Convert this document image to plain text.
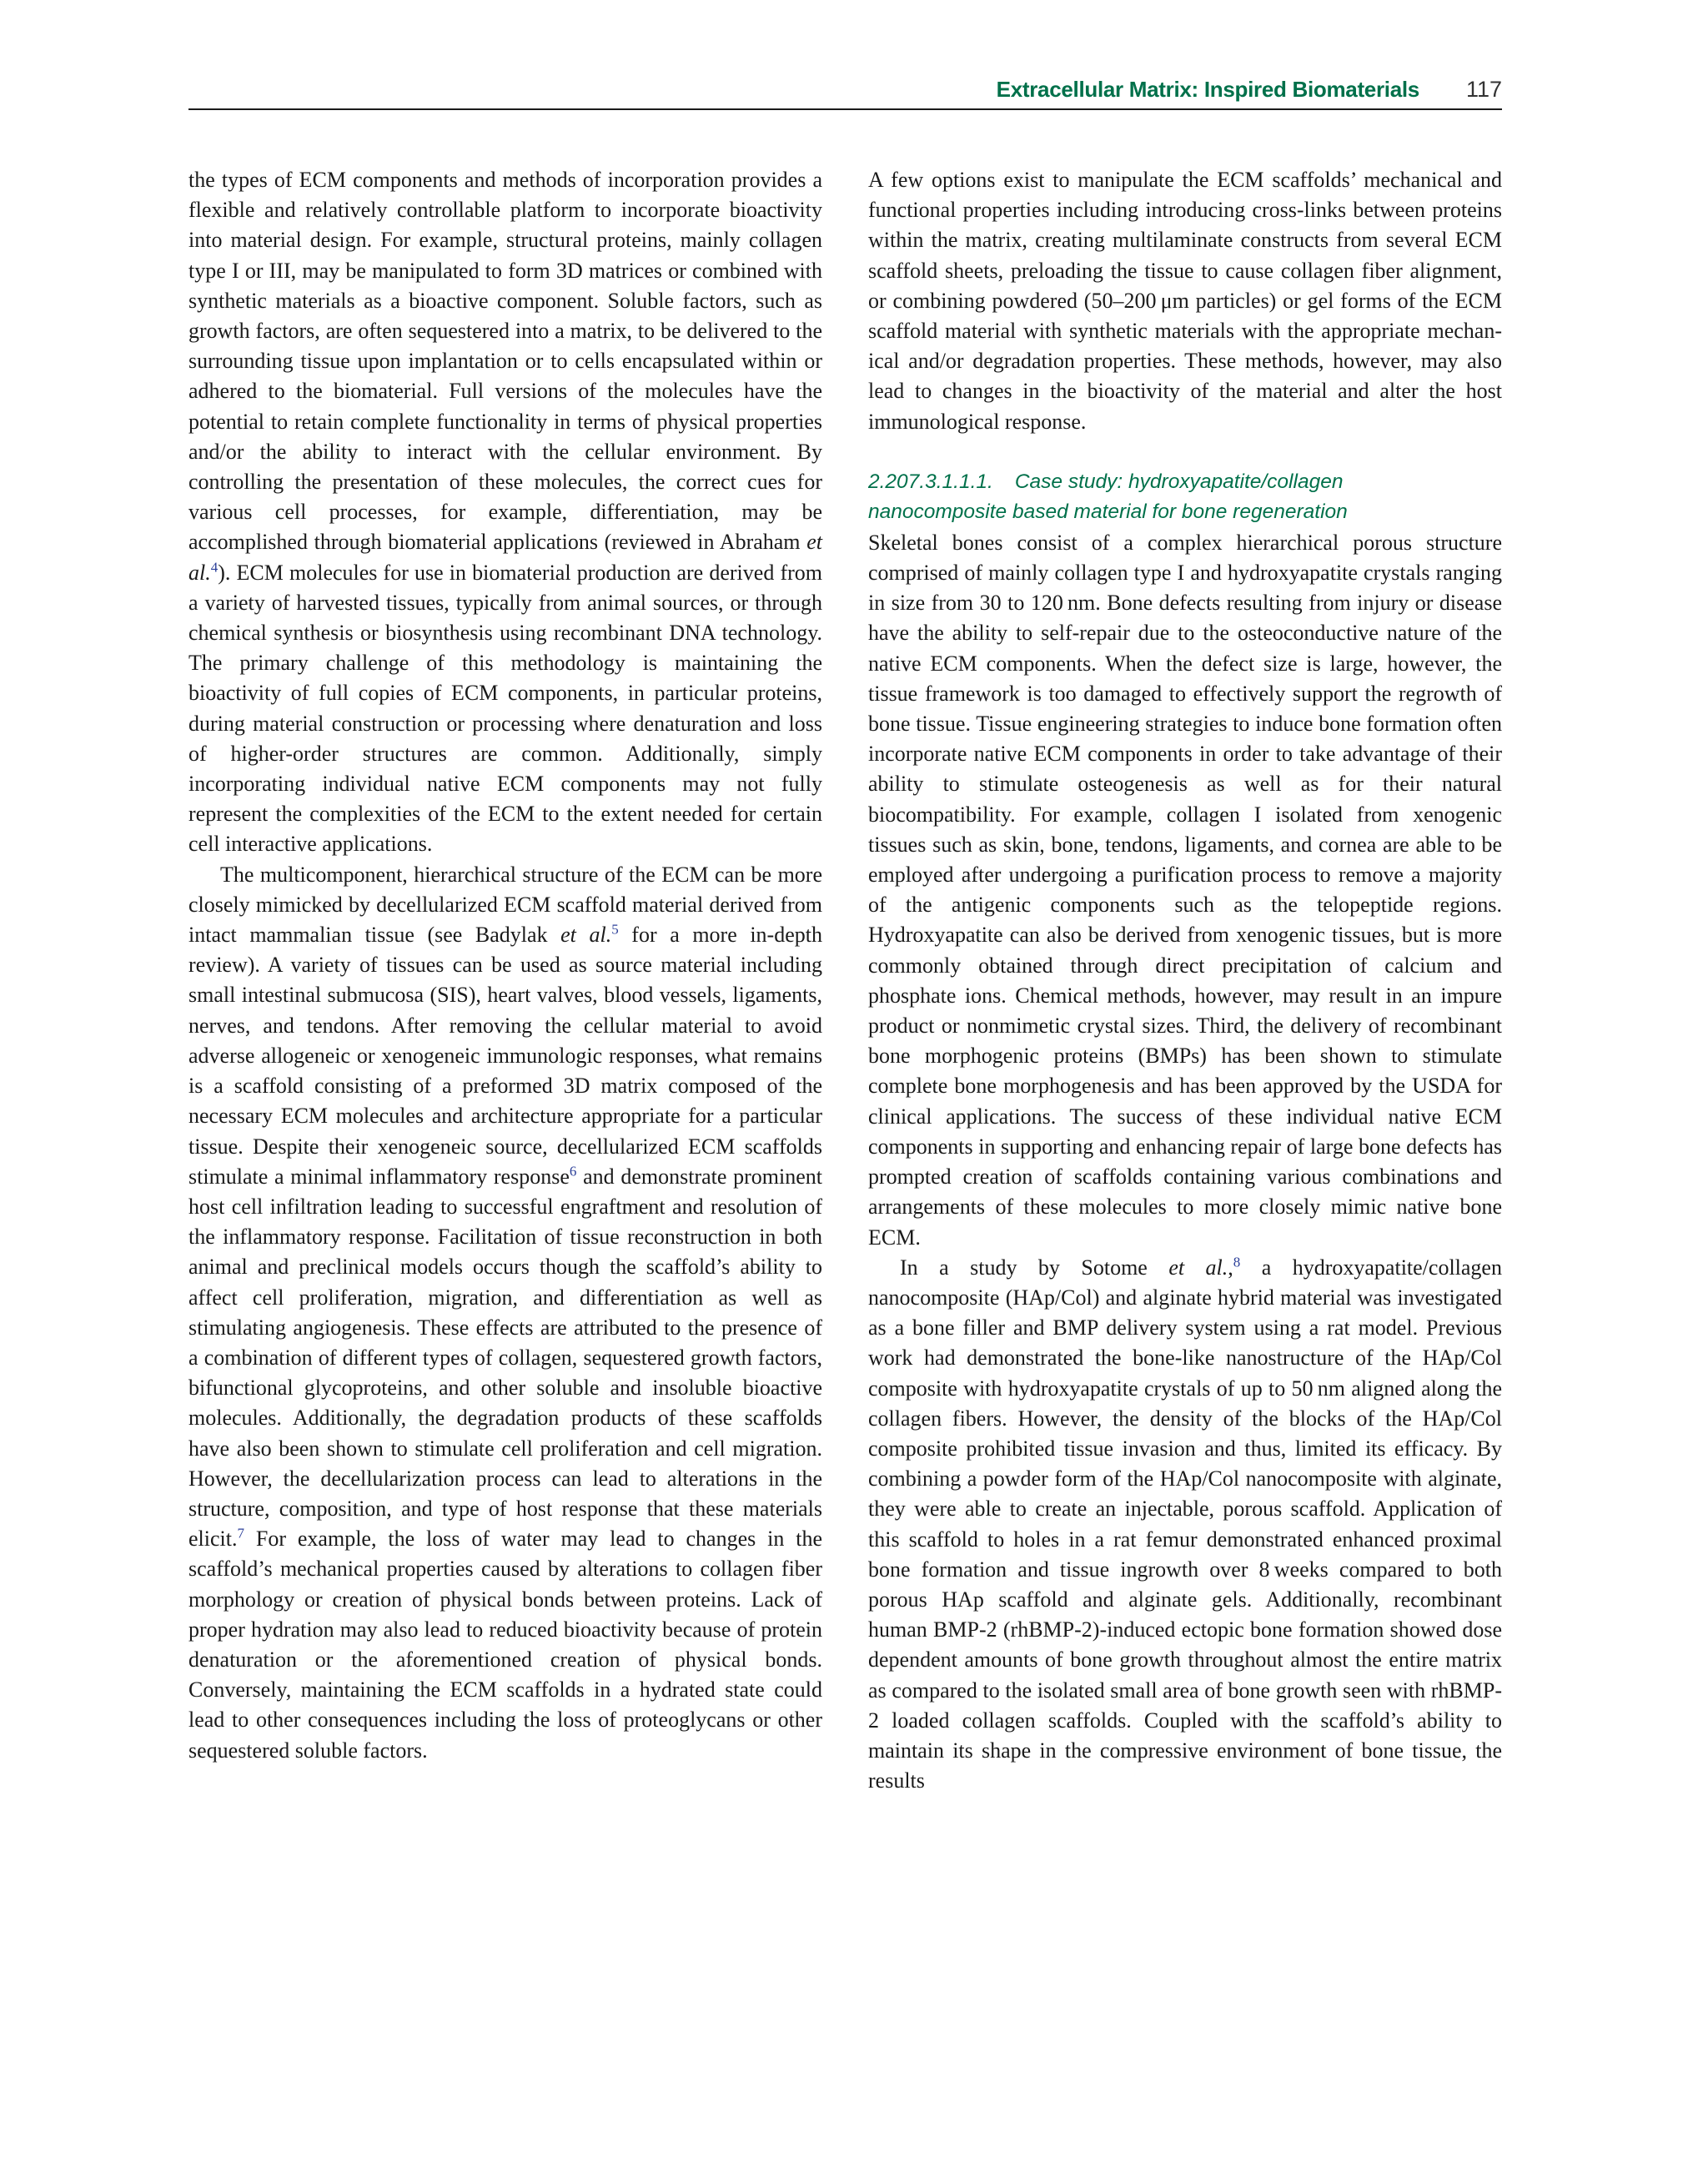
Extracellular Matrix: Inspired Biomaterials 117

the types of ECM components and methods of incorporation provides a flexible and relatively controllable platform to incorporate bioactivity into material design. For example, structural proteins, mainly collagen type I or III, may be manipulated to form 3D matrices or combined with synthetic materials as a bioactive component. Soluble factors, such as growth factors, are often sequestered into a matrix, to be delivered to the surrounding tissue upon implantation or to cells encapsulated within or adhered to the biomaterial. Full versions of the molecules have the potential to retain complete functionality in terms of physical properties and/or the ability to interact with the cellular environment. By controlling the presentation of these molecules, the correct cues for various cell processes, for example, differentiation, may be accomplished through biomaterial applications (reviewed in Abraham et al.$^4$). ECM molecules for use in biomaterial production are derived from a variety of harvested tissues, typically from animal sources, or through chemical synthesis or biosynthesis using recombinant DNA technology. The primary challenge of this methodology is maintaining the bioactivity of full copies of ECM components, in particular proteins, during material construction or processing where denaturation and loss of higher-order structures are common. Additionally, simply incorporating individual native ECM components may not fully represent the complexities of the ECM to the extent needed for certain cell interactive applications.

The multicomponent, hierarchical structure of the ECM can be more closely mimicked by decellularized ECM scaffold material derived from intact mammalian tissue (see Badylak et al.$^5$ for a more in-depth review). A variety of tissues can be used as source material including small intestinal submucosa (SIS), heart valves, blood vessels, ligaments, nerves, and tendons. After removing the cellular material to avoid adverse allogeneic or xenogeneic immunologic responses, what remains is a scaffold consisting of a preformed 3D matrix composed of the necessary ECM molecules and architecture appropriate for a particular tissue. Despite their xenogeneic source, decellularized ECM scaffolds stimulate a minimal inflammatory response$^6$ and demonstrate prominent host cell infiltration leading to successful engraftment and resolution of the inflammatory response. Facilitation of tissue reconstruction in both animal and preclinical models occurs though the scaffold’s ability to affect cell proliferation, migration, and differentiation as well as stimulating angiogenesis. These effects are attributed to the presence of a combination of different types of collagen, sequestered growth factors, bifunctional glycoproteins, and other soluble and insoluble bioactive molecules. Additionally, the degradation products of these scaffolds have also been shown to stimulate cell proliferation and cell migration. However, the decellularization process can lead to alterations in the structure, composition, and type of host response that these materials elicit.$^7$ For example, the loss of water may lead to changes in the scaffold’s mechanical properties caused by alterations to collagen fiber morphology or creation of physical bonds between proteins. Lack of proper hydration may also lead to reduced bioactivity because of protein denaturation or the aforementioned creation of physical bonds. Conversely, maintaining the ECM scaffolds in a hydrated state could lead to other consequences including the loss of proteoglycans or other sequestered soluble factors.

A few options exist to manipulate the ECM scaffolds’ mechanical and functional properties including introducing cross-links between proteins within the matrix, creating multilaminate constructs from several ECM scaffold sheets, preloading the tissue to cause collagen fiber alignment, or combining powdered (50–200 μm particles) or gel forms of the ECM scaffold material with synthetic materials with the appropriate mechanical and/or degradation properties. These methods, however, may also lead to changes in the bioactivity of the material and alter the host immunological response.

2.207.3.1.1.1. Case study: hydroxyapatite/collagen
nanocomposite based material for bone regeneration

Skeletal bones consist of a complex hierarchical porous structure comprised of mainly collagen type I and hydroxyapatite crystals ranging in size from 30 to 120 nm. Bone defects resulting from injury or disease have the ability to self-repair due to the osteoconductive nature of the native ECM components. When the defect size is large, however, the tissue framework is too damaged to effectively support the regrowth of bone tissue. Tissue engineering strategies to induce bone formation often incorporate native ECM components in order to take advantage of their ability to stimulate osteogenesis as well as for their natural biocompatibility. For example, collagen I isolated from xenogenic tissues such as skin, bone, tendons, ligaments, and cornea are able to be employed after undergoing a purification process to remove a majority of the antigenic components such as the telopeptide regions. Hydroxyapatite can also be derived from xenogenic tissues, but is more commonly obtained through direct precipitation of calcium and phosphate ions. Chemical methods, however, may result in an impure product or nonmimetic crystal sizes. Third, the delivery of recombinant bone morphogenic proteins (BMPs) has been shown to stimulate complete bone morphogenesis and has been approved by the USDA for clinical applications. The success of these individual native ECM components in supporting and enhancing repair of large bone defects has prompted creation of scaffolds containing various combinations and arrangements of these molecules to more closely mimic native bone ECM.

In a study by Sotome et al.,$^8$ a hydroxyapatite/collagen nanocomposite (HAp/Col) and alginate hybrid material was investigated as a bone filler and BMP delivery system using a rat model. Previous work had demonstrated the bone-like nanostructure of the HAp/Col composite with hydroxyapatite crystals of up to 50 nm aligned along the collagen fibers. However, the density of the blocks of the HAp/Col composite prohibited tissue invasion and thus, limited its efficacy. By combining a powder form of the HAp/Col nanocomposite with alginate, they were able to create an injectable, porous scaffold. Application of this scaffold to holes in a rat femur demonstrated enhanced proximal bone formation and tissue ingrowth over 8 weeks compared to both porous HAp scaffold and alginate gels. Additionally, recombinant human BMP-2 (rhBMP-2)-induced ectopic bone formation showed dose dependent amounts of bone growth throughout almost the entire matrix as compared to the isolated small area of bone growth seen with rhBMP-2 loaded collagen scaffolds. Coupled with the scaffold’s ability to maintain its shape in the compressive environment of bone tissue, the results
